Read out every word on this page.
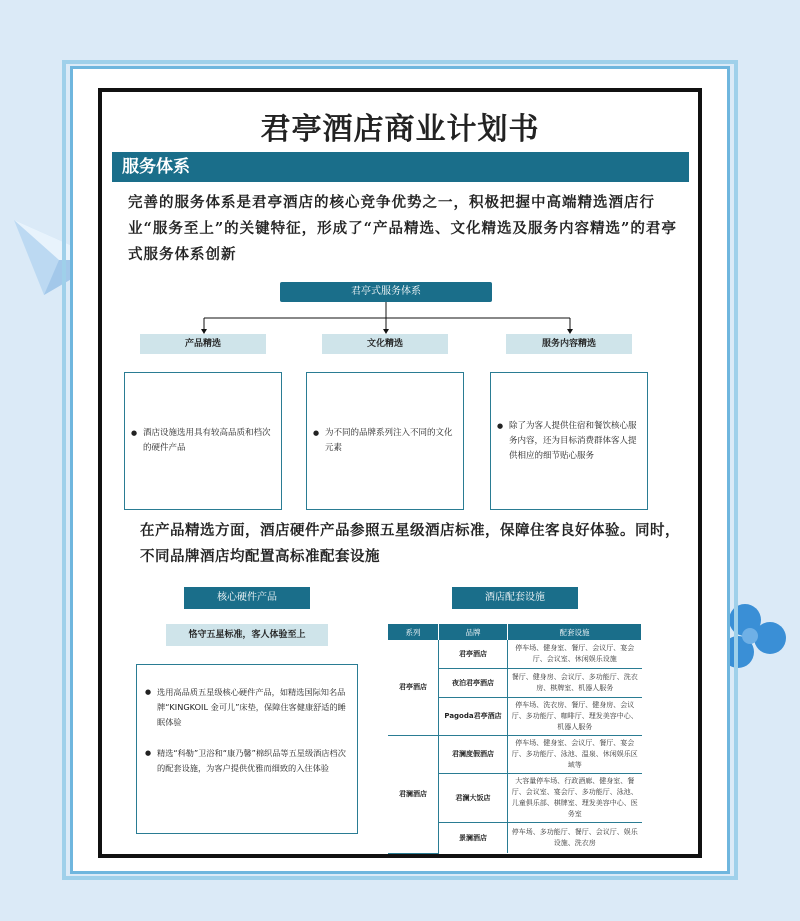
君亭酒店商业计划书
服务体系
完善的服务体系是君亭酒店的核心竞争优势之一，积极把握中高端精选酒店行业“服务至上”的关键特征，形成了“产品精选、文化精选及服务内容精选”的君亭式服务体系创新
君亭式服务体系
产品精选	文化精选	服务内容精选
● 酒店设施选用具有较高品质和档次的硬件产品
● 为不同的品牌系列注入不同的文化元素
● 除了为客人提供住宿和餐饮核心服务内容，还为目标消费群体客人提供相应的细节贴心服务
在产品精选方面，酒店硬件产品参照五星级酒店标准，保障住客良好体验。同时，不同品牌酒店均配置高标准配套设施
核心硬件产品
恪守五星标准，客人体验至上
● 选用高品质五星级核心硬件产品，如精选国际知名品牌“KINGKOIL 金可儿”床垫，保障住客健康舒适的睡眠体验
● 精选“科勒”卫浴和“康乃馨”棉织品等五星级酒店档次的配套设施，为客户提供优雅而细致的入住体验
酒店配套设施
系列	品牌	配套设施
君亭酒店	君亭酒店	停车场、健身室、餐厅、会议厅、宴会厅、会议室、休闲娱乐设施
	夜泊君亭酒店	餐厅、健身房、会议厅、多功能厅、洗衣房、棋牌室、机器人服务
	Pagoda君亭酒店	停车场、洗衣房、餐厅、健身房、会议厅、多功能厅、咖啡厅、理发美容中心、机器人服务
君澜酒店	君澜度假酒店	停车场、健身室、会议厅、餐厅、宴会厅、多功能厅、泳池、温泉、休闲娱乐区域等
	君澜大饭店	大容量停车场、行政酒廊、健身室、餐厅、会议室、宴会厅、多功能厅、泳池、儿童俱乐部、棋牌室、理发美容中心、医务室
	景澜酒店	停车场、多功能厅、餐厅、会议厅、娱乐设施、洗衣房
